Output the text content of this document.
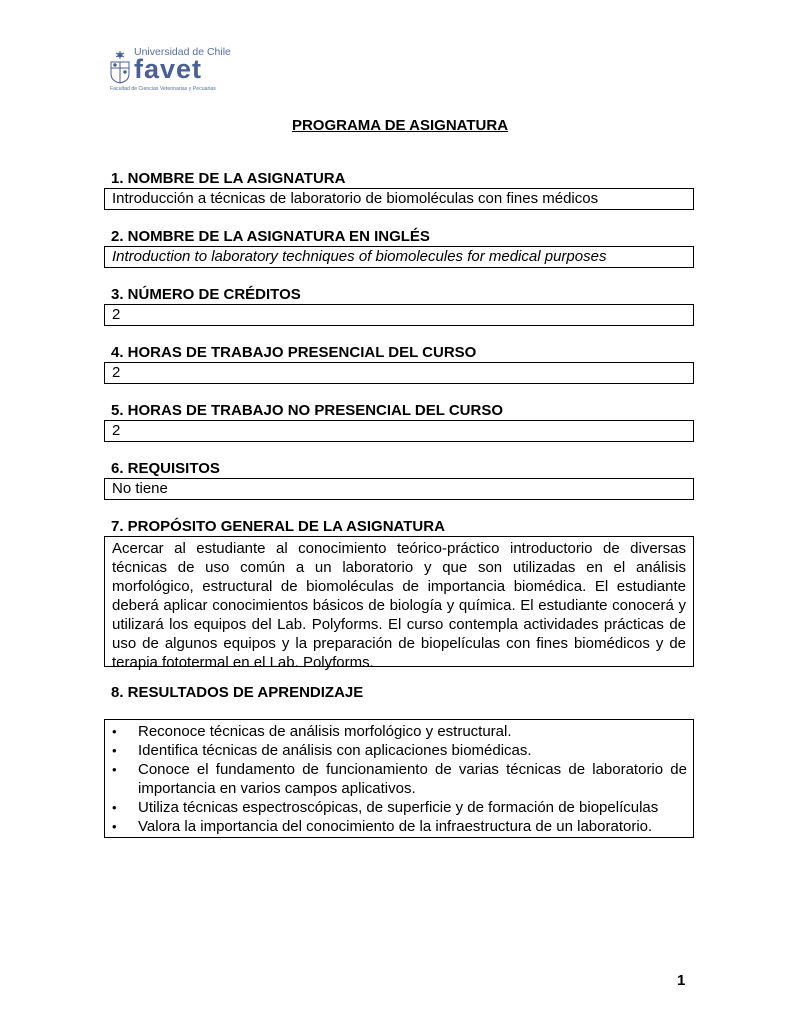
Universidad de Chile
favet
Facultad de Ciencias Veterinarias y Pecuarias
PROGRAMA DE ASIGNATURA
1. NOMBRE DE LA ASIGNATURA
Introducción a técnicas de laboratorio de biomoléculas con fines médicos
2. NOMBRE DE LA ASIGNATURA EN INGLÉS
Introduction to laboratory techniques of biomolecules for medical purposes
3. NÚMERO DE CRÉDITOS
2
4. HORAS DE TRABAJO PRESENCIAL DEL CURSO
2
5. HORAS DE TRABAJO NO PRESENCIAL DEL CURSO
2
6. REQUISITOS
No tiene
7. PROPÓSITO GENERAL DE LA ASIGNATURA
Acercar al estudiante al conocimiento teórico-práctico introductorio de diversas técnicas de uso común a un laboratorio y que son utilizadas en el análisis morfológico, estructural de biomoléculas de importancia biomédica. El estudiante deberá aplicar conocimientos básicos de biología y química. El estudiante conocerá y utilizará los equipos del Lab. Polyforms. El curso contempla actividades prácticas de uso de algunos equipos y la preparación de biopelículas con fines biomédicos y de terapia fototermal en el Lab. Polyforms.
8. RESULTADOS DE APRENDIZAJE
•	Reconoce técnicas de análisis morfológico y estructural.
•	Identifica técnicas de análisis con aplicaciones biomédicas.
•	Conoce el fundamento de funcionamiento de varias técnicas de laboratorio de importancia en varios campos aplicativos.
•	Utiliza técnicas espectroscópicas, de superficie y de formación de biopelículas
•	Valora la importancia del conocimiento de la infraestructura de un laboratorio.
1
